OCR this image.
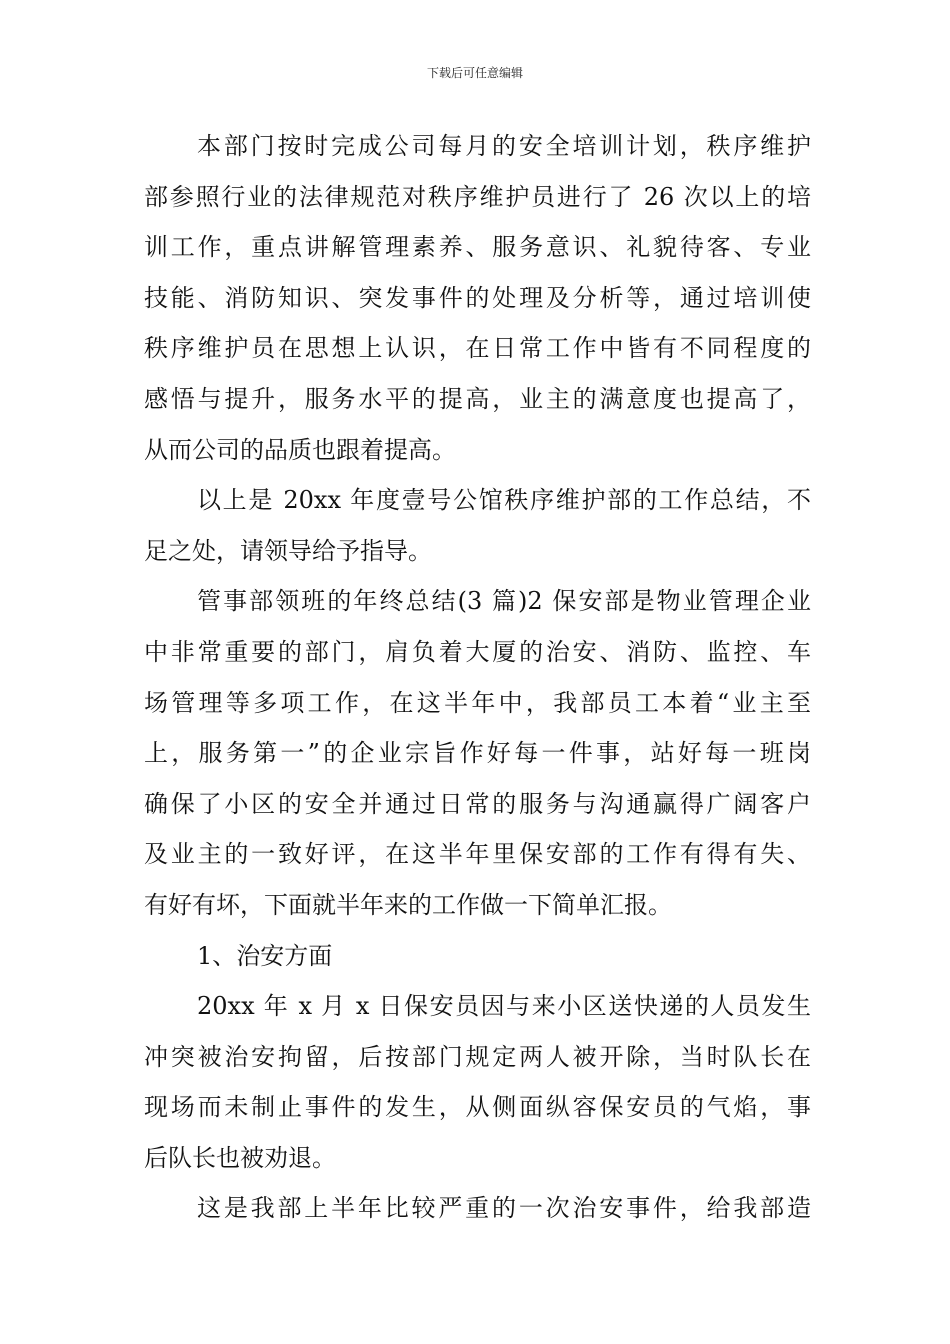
下载后可任意编辑
本部门按时完成公司每月的安全培训计划，秩序维护
部参照行业的法律规范对秩序维护员进行了 26 次以上的培
训工作，重点讲解管理素养、服务意识、礼貌待客、专业
技能、消防知识、突发事件的处理及分析等，通过培训使
秩序维护员在思想上认识，在日常工作中皆有不同程度的
感悟与提升，服务水平的提高，业主的满意度也提高了，
从而公司的品质也跟着提高。
以上是 20xx 年度壹号公馆秩序维护部的工作总结，不
足之处，请领导给予指导。
管事部领班的年终总结(3 篇)2 保安部是物业管理企业
中非常重要的部门，肩负着大厦的治安、消防、监控、车
场管理等多项工作，在这半年中，我部员工本着“业主至
上，服务第一”的企业宗旨作好每一件事，站好每一班岗
确保了小区的安全并通过日常的服务与沟通赢得广阔客户
及业主的一致好评，在这半年里保安部的工作有得有失、
有好有坏，下面就半年来的工作做一下简单汇报。
1、治安方面
20xx 年 x 月 x 日保安员因与来小区送快递的人员发生
冲突被治安拘留，后按部门规定两人被开除，当时队长在
现场而未制止事件的发生，从侧面纵容保安员的气焰，事
后队长也被劝退。
这是我部上半年比较严重的一次治安事件，给我部造
